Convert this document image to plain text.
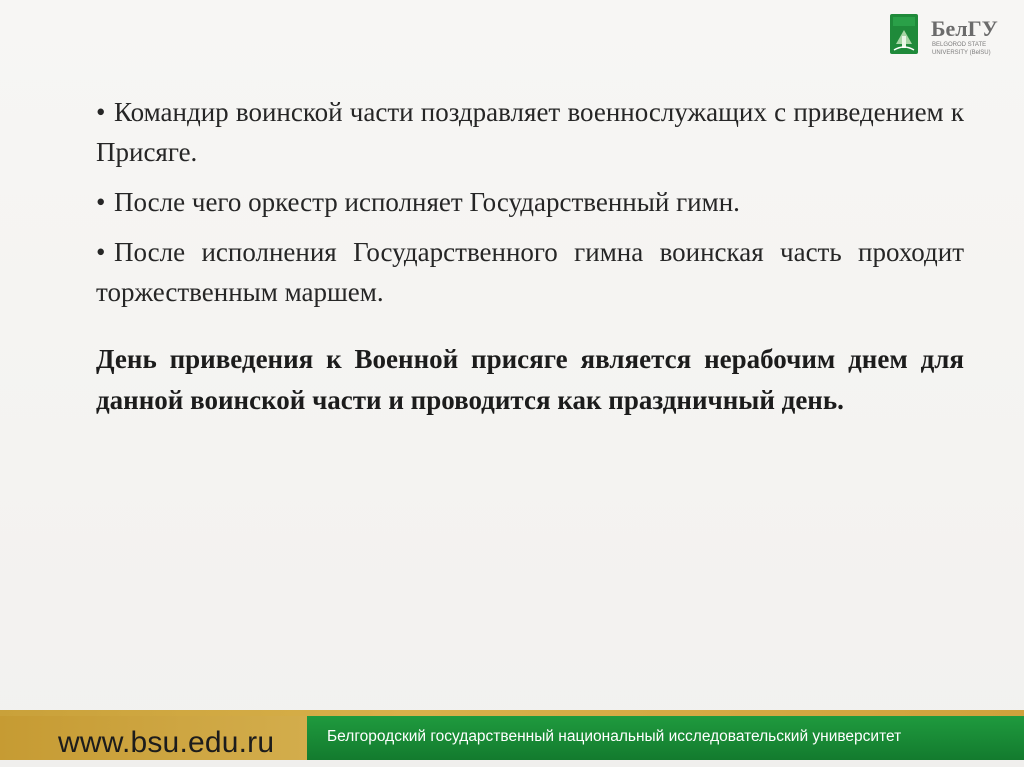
БелГУ
BELGOROD STATE
UNIVERSITY (BelSU)

• Командир воинской части поздравляет военнослужащих с приведением к Присяге.

• После чего оркестр исполняет Государственный гимн.

• После исполнения Государственного гимна воинская часть проходит торжественным маршем.

День приведения к Военной присяге является нерабочим днем для данной воинской части и проводится как праздничный день.

www.bsu.edu.ru	Белгородский государственный национальный исследовательский университет
